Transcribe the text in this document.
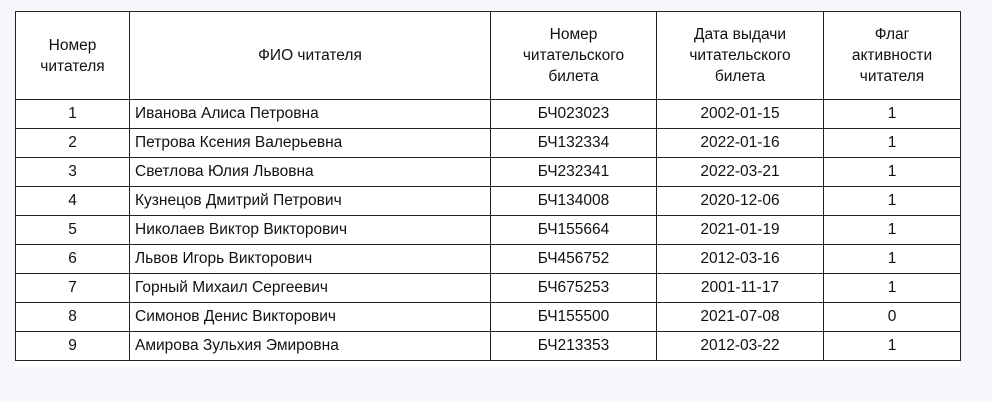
Номер
читателя	ФИО читателя	Номер
читательского
билета	Дата выдачи
читательского
билета	Флаг
активности
читателя
1	Иванова Алиса Петровна	БЧ023023	2002-01-15	1
2	Петрова Ксения Валерьевна	БЧ132334	2022-01-16	1
3	Светлова Юлия Львовна	БЧ232341	2022-03-21	1
4	Кузнецов Дмитрий Петрович	БЧ134008	2020-12-06	1
5	Николаев Виктор Викторович	БЧ155664	2021-01-19	1
6	Львов Игорь Викторович	БЧ456752	2012-03-16	1
7	Горный Михаил Сергеевич	БЧ675253	2001-11-17	1
8	Симонов Денис Викторович	БЧ155500	2021-07-08	0
9	Амирова Зульхия Эмировна	БЧ213353	2012-03-22	1
